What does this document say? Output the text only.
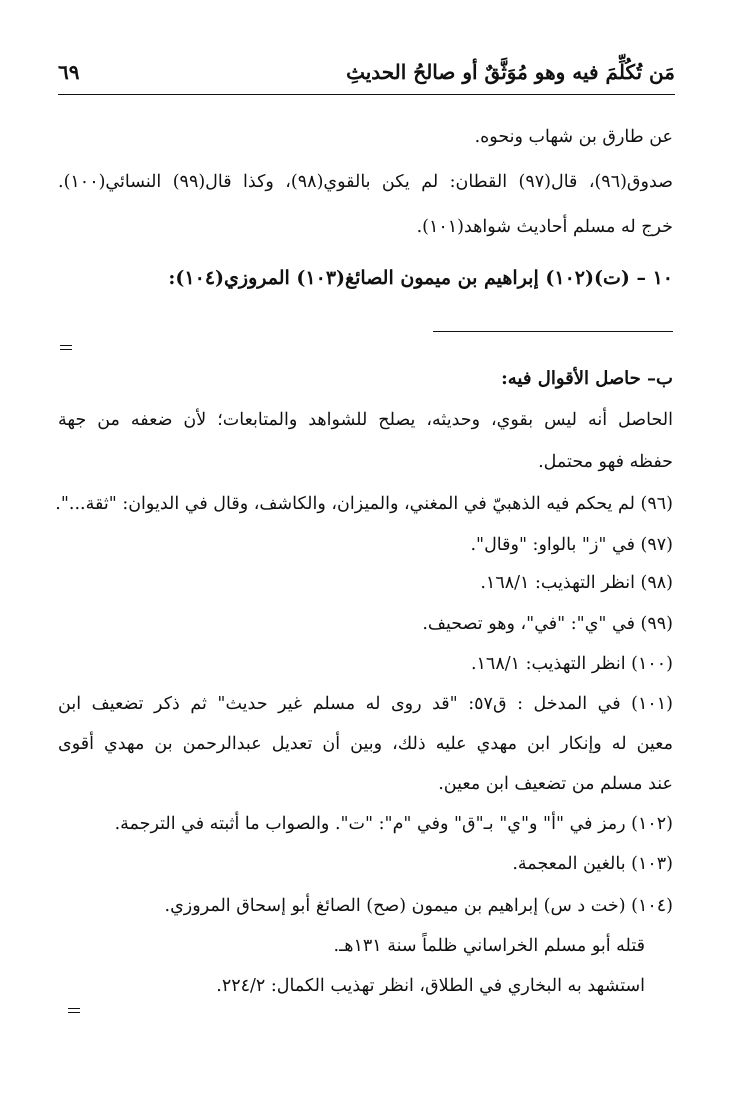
مَن تُكُلِّمَ فيه وهو مُوَثَّقٌ أو صالحُ الحديثِ
٦٩
عن طارق بن شهاب ونحوه.
صدوق(٩٦)، قال(٩٧) القطان: لم يكن بالقوي(٩٨)، وكذا قال(٩٩) النسائي(١٠٠).
خرج له مسلم أحاديث شواهد(١٠١).
١٠ – (ت)(١٠٢) إبراهيم بن ميمون الصائغ(١٠٣) المروزي(١٠٤):
ب– حاصل الأقوال فيه:
الحاصل أنه ليس بقوي، وحديثه، يصلح للشواهد والمتابعات؛ لأن ضعفه من جهة
حفظه فهو محتمل.
(٩٦) لم يحكم فيه الذهبيّ في المغني، والميزان، والكاشف، وقال في الديوان: "ثقة...".
(٩٧) في "ز" بالواو: "وقال".
(٩٨) انظر التهذيب: ١٦٨/١.
(٩٩) في "ي": "في"، وهو تصحيف.
(١٠٠) انظر التهذيب: ١٦٨/١.
(١٠١) في المدخل : ق٥٧: "قد روى له مسلم غير حديث" ثم ذكر تضعيف ابن
معين له وإنكار ابن مهدي عليه ذلك، وبين أن تعديل عبدالرحمن بن مهدي أقوى
عند مسلم من تضعيف ابن معين.
(١٠٢) رمز في "أ" و"ي" بـ"ق" وفي "م": "ت". والصواب ما أثبته في الترجمة.
(١٠٣) بالغين المعجمة.
(١٠٤) (خت د س) إبراهيم بن ميمون (صح) الصائغ أبو إسحاق المروزي.
قتله أبو مسلم الخراساني ظلماً سنة ١٣١هـ.
استشهد به البخاري في الطلاق، انظر تهذيب الكمال: ٢٢٤/٢.
